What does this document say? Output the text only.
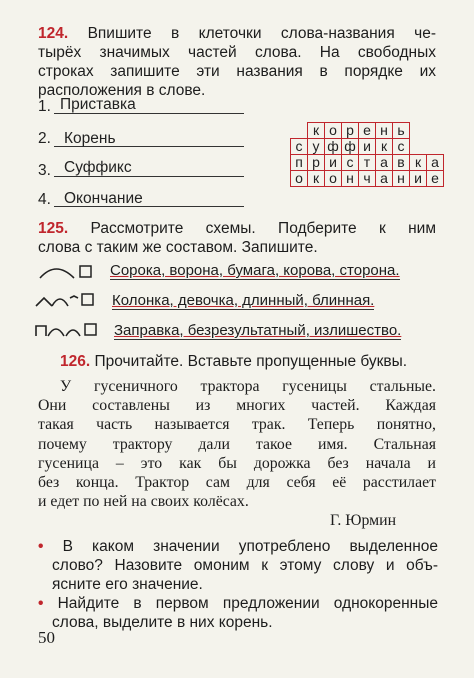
124. Впишите в клеточки слова-названия че-
тырёх значимых частей слова. На свободных
строках запишите эти названия в порядке их
расположения в слове.
1. Приставка
2. Корень
3. Суффикс
4. Окончание
				к	о	р	е	н	ь		
			с	у	ф	ф	и	к	с		
			п	р	и	с	т	а	в	к	а
			о	к	о	н	ч	а	н	и	е
125. Рассмотрите схемы. Подберите к ним
слова с таким же составом. Запишите.
Сорока, ворона, бумага, корова, сторона.
Колонка, девочка, длинный, блинная.
Заправка, безрезультатный, излишество.
126. Прочитайте. Вставьте пропущенные буквы.
У гусеничного трактора гусеницы стальные.
Они составлены из многих частей. Каждая
такая часть называется трак. Теперь понятно,
почему трактору дали такое имя. Стальная
гусеница – это как бы дорожка без начала и
без конца. Трактор сам для себя её расстилает
и едет по ней на своих колёсах.
Г. Юрмин
• В каком значении употреблено выделенное
слово? Назовите омоним к этому слову и объ-
ясните его значение.
• Найдите в первом предложении однокоренные
слова, выделите в них корень.
50
